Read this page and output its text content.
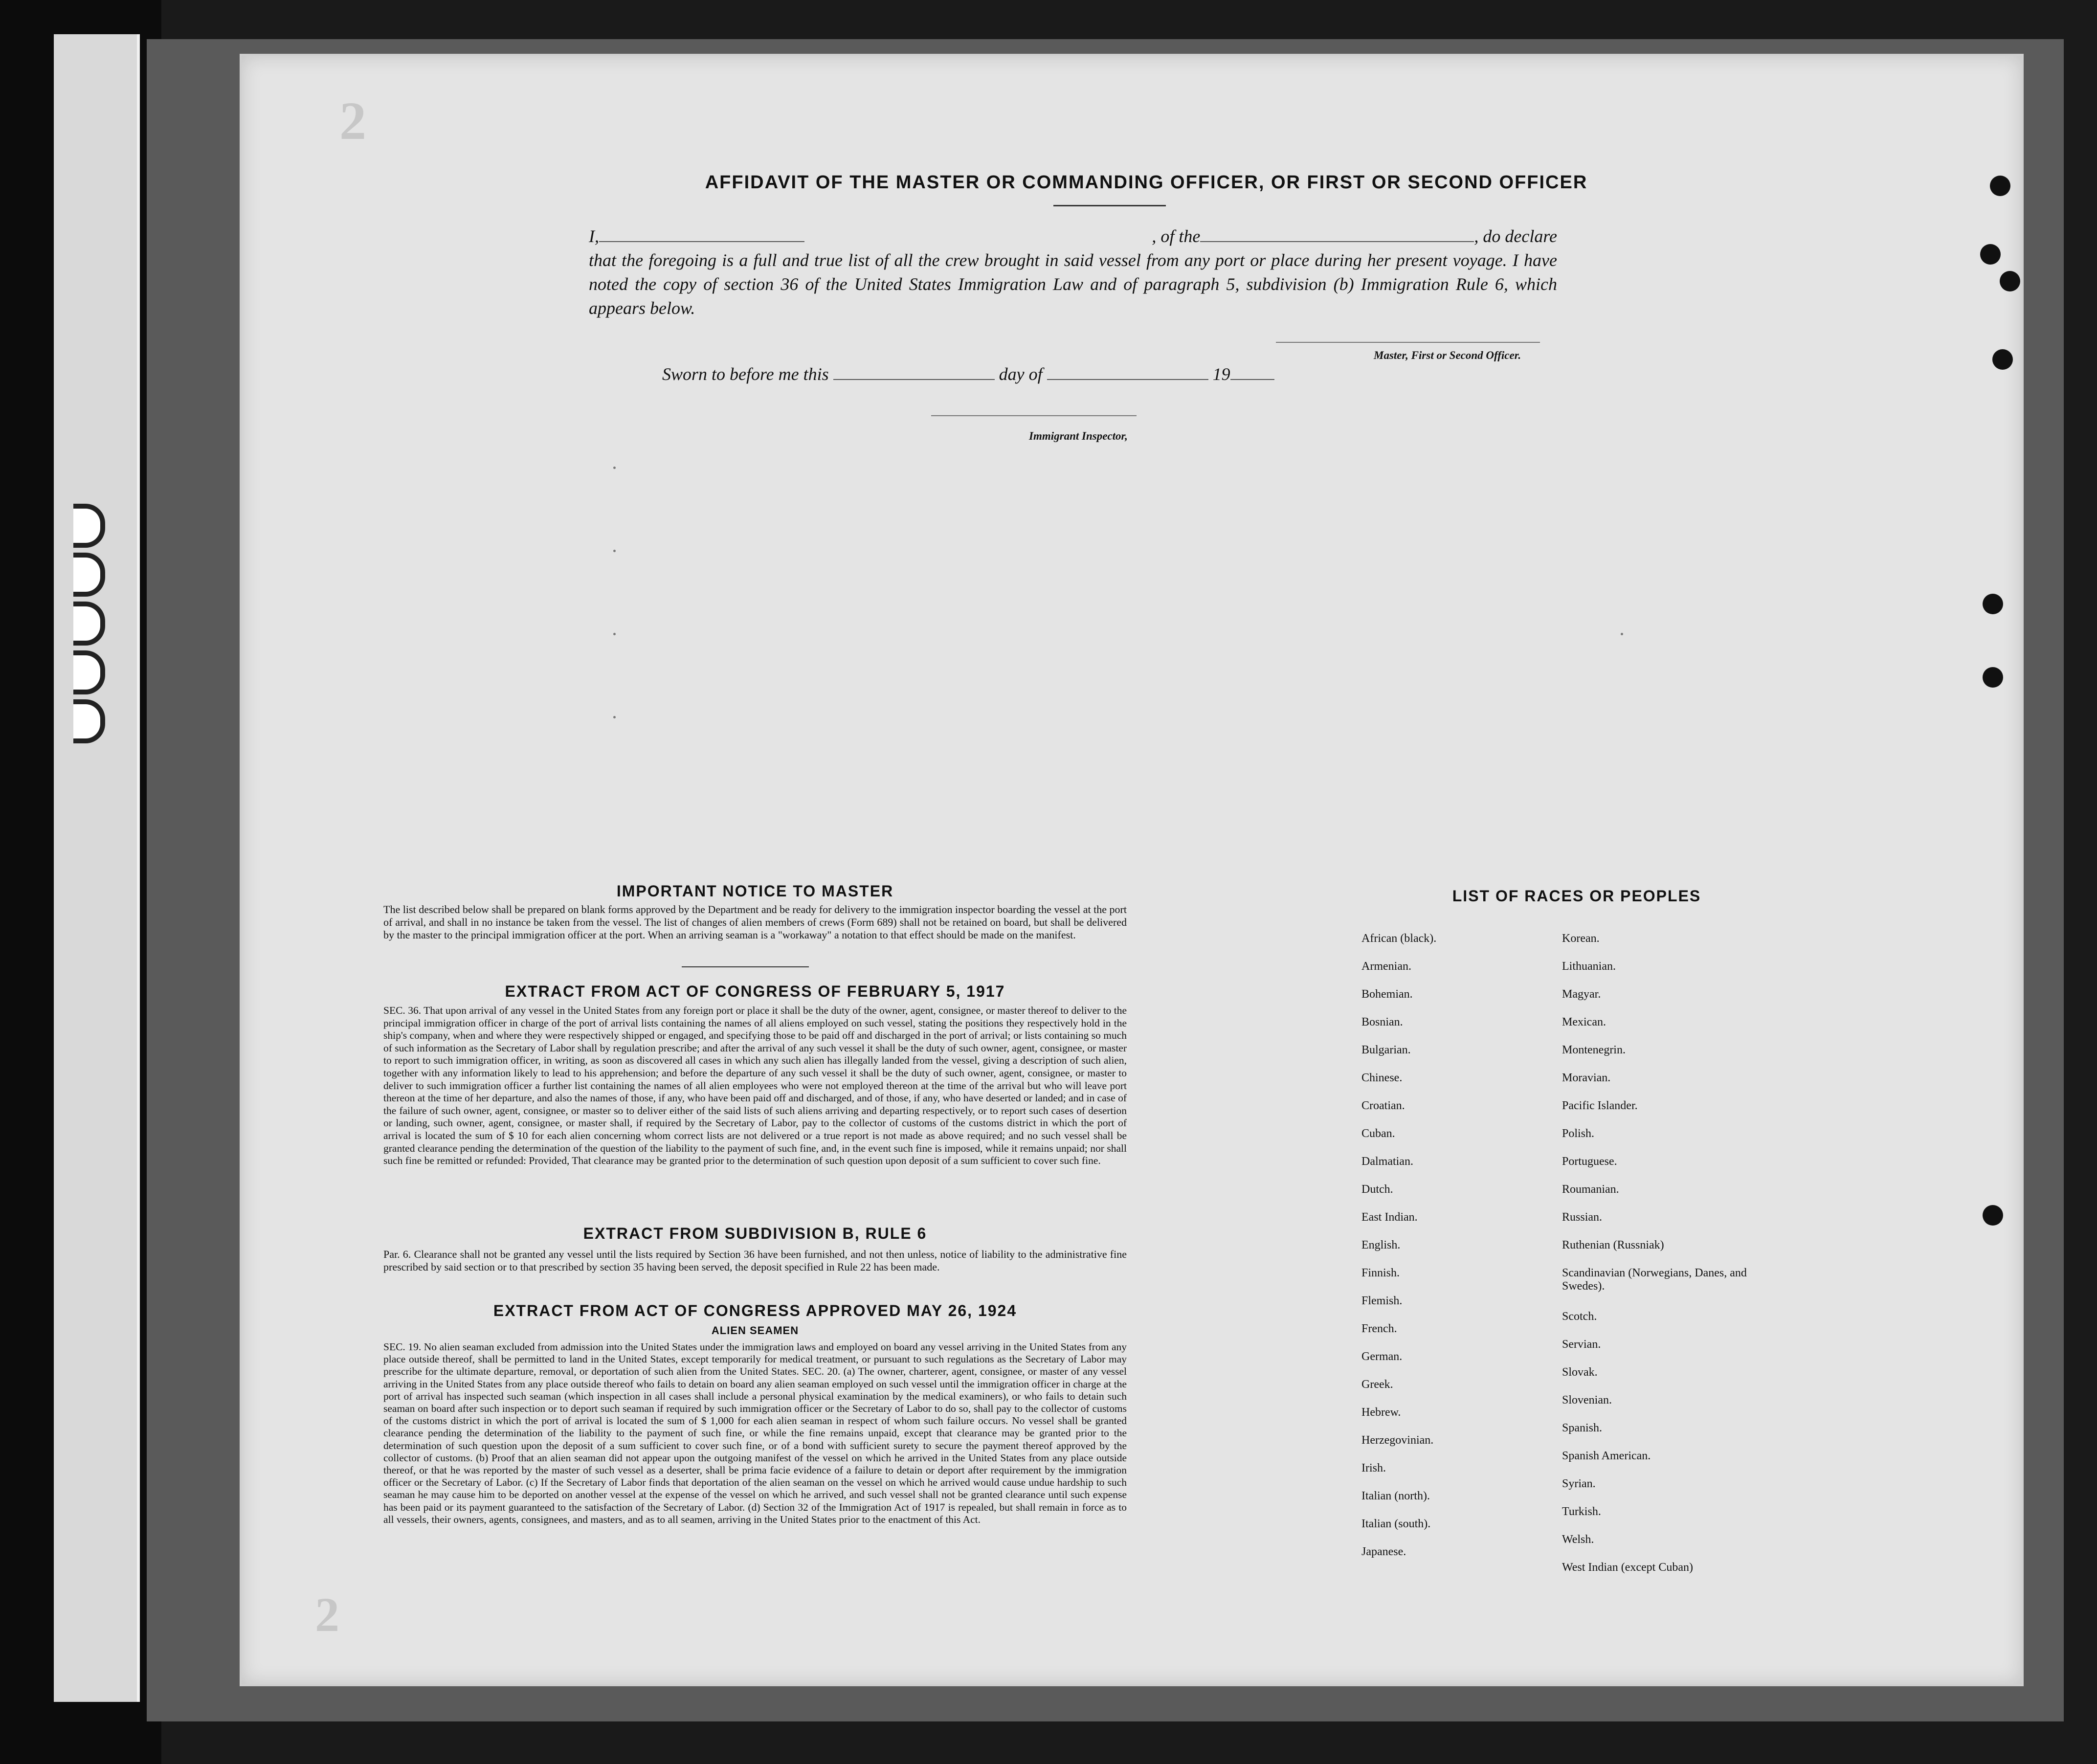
2
2
AFFIDAVIT OF THE MASTER OR COMMANDING OFFICER, OR FIRST OR SECOND OFFICER
I,	, of the	, do declare
that the foregoing is a full and true list of all the crew brought in said vessel from any port or place during her present voyage. I have noted the copy of section 36 of the United States Immigration Law and of paragraph 5, subdivision (b) Immigration Rule 6, which appears below.
Master, First or Second Officer.
Sworn to before me this	day of	19
Immigrant Inspector,
IMPORTANT NOTICE TO MASTER
The list described below shall be prepared on blank forms approved by the Department and be ready for delivery to the immigration inspector boarding the vessel at the port of arrival, and shall in no instance be taken from the vessel. The list of changes of alien members of crews (Form 689) shall not be retained on board, but shall be delivered by the master to the principal immigration officer at the port. When an arriving seaman is a "workaway" a notation to that effect should be made on the manifest.
EXTRACT FROM ACT OF CONGRESS OF FEBRUARY 5, 1917
SEC. 36. That upon arrival of any vessel in the United States from any foreign port or place it shall be the duty of the owner, agent, consignee, or master thereof to deliver to the principal immigration officer in charge of the port of arrival lists containing the names of all aliens employed on such vessel, stating the positions they respectively hold in the ship's company, when and where they were respectively shipped or engaged, and specifying those to be paid off and discharged in the port of arrival; or lists containing so much of such information as the Secretary of Labor shall by regulation prescribe; and after the arrival of any such vessel it shall be the duty of such owner, agent, consignee, or master to report to such immigration officer, in writing, as soon as discovered all cases in which any such alien has illegally landed from the vessel, giving a description of such alien, together with any information likely to lead to his apprehension; and before the departure of any such vessel it shall be the duty of such owner, agent, consignee, or master to deliver to such immigration officer a further list containing the names of all alien employees who were not employed thereon at the time of the arrival but who will leave port thereon at the time of her departure, and also the names of those, if any, who have been paid off and discharged, and of those, if any, who have deserted or landed; and in case of the failure of such owner, agent, consignee, or master so to deliver either of the said lists of such aliens arriving and departing respectively, or to report such cases of desertion or landing, such owner, agent, consignee, or master shall, if required by the Secretary of Labor, pay to the collector of customs of the customs district in which the port of arrival is located the sum of $ 10 for each alien concerning whom correct lists are not delivered or a true report is not made as above required; and no such vessel shall be granted clearance pending the determination of the question of the liability to the payment of such fine, and, in the event such fine is imposed, while it remains unpaid; nor shall such fine be remitted or refunded: Provided, That clearance may be granted prior to the determination of such question upon deposit of a sum sufficient to cover such fine.
EXTRACT FROM SUBDIVISION B, RULE 6
Par. 6. Clearance shall not be granted any vessel until the lists required by Section 36 have been furnished, and not then unless, notice of liability to the administrative fine prescribed by said section or to that prescribed by section 35 having been served, the deposit specified in Rule 22 has been made.
EXTRACT FROM ACT OF CONGRESS APPROVED MAY 26, 1924
ALIEN SEAMEN
SEC. 19. No alien seaman excluded from admission into the United States under the immigration laws and employed on board any vessel arriving in the United States from any place outside thereof, shall be permitted to land in the United States, except temporarily for medical treatment, or pursuant to such regulations as the Secretary of Labor may prescribe for the ultimate departure, removal, or deportation of such alien from the United States. SEC. 20. (a) The owner, charterer, agent, consignee, or master of any vessel arriving in the United States from any place outside thereof who fails to detain on board any alien seaman employed on such vessel until the immigration officer in charge at the port of arrival has inspected such seaman (which inspection in all cases shall include a personal physical examination by the medical examiners), or who fails to detain such seaman on board after such inspection or to deport such seaman if required by such immigration officer or the Secretary of Labor to do so, shall pay to the collector of customs of the customs district in which the port of arrival is located the sum of $ 1,000 for each alien seaman in respect of whom such failure occurs. No vessel shall be granted clearance pending the determination of the liability to the payment of such fine, or while the fine remains unpaid, except that clearance may be granted prior to the determination of such question upon the deposit of a sum sufficient to cover such fine, or of a bond with sufficient surety to secure the payment thereof approved by the collector of customs. (b) Proof that an alien seaman did not appear upon the outgoing manifest of the vessel on which he arrived in the United States from any place outside thereof, or that he was reported by the master of such vessel as a deserter, shall be prima facie evidence of a failure to detain or deport after requirement by the immigration officer or the Secretary of Labor. (c) If the Secretary of Labor finds that deportation of the alien seaman on the vessel on which he arrived would cause undue hardship to such seaman he may cause him to be deported on another vessel at the expense of the vessel on which he arrived, and such vessel shall not be granted clearance until such expense has been paid or its payment guaranteed to the satisfaction of the Secretary of Labor. (d) Section 32 of the Immigration Act of 1917 is repealed, but shall remain in force as to all vessels, their owners, agents, consignees, and masters, and as to all seamen, arriving in the United States prior to the enactment of this Act.
LIST OF RACES OR PEOPLES
African (black).
Armenian.
Bohemian.
Bosnian.
Bulgarian.
Chinese.
Croatian.
Cuban.
Dalmatian.
Dutch.
East Indian.
English.
Finnish.
Flemish.
French.
German.
Greek.
Hebrew.
Herzegovinian.
Irish.
Italian (north).
Italian (south).
Japanese.
Korean.
Lithuanian.
Magyar.
Mexican.
Montenegrin.
Moravian.
Pacific Islander.
Polish.
Portuguese.
Roumanian.
Russian.
Ruthenian (Russniak)
Scandinavian (Norwegians, Danes, and Swedes).
Scotch.
Servian.
Slovak.
Slovenian.
Spanish.
Spanish American.
Syrian.
Turkish.
Welsh.
West Indian (except Cuban)
